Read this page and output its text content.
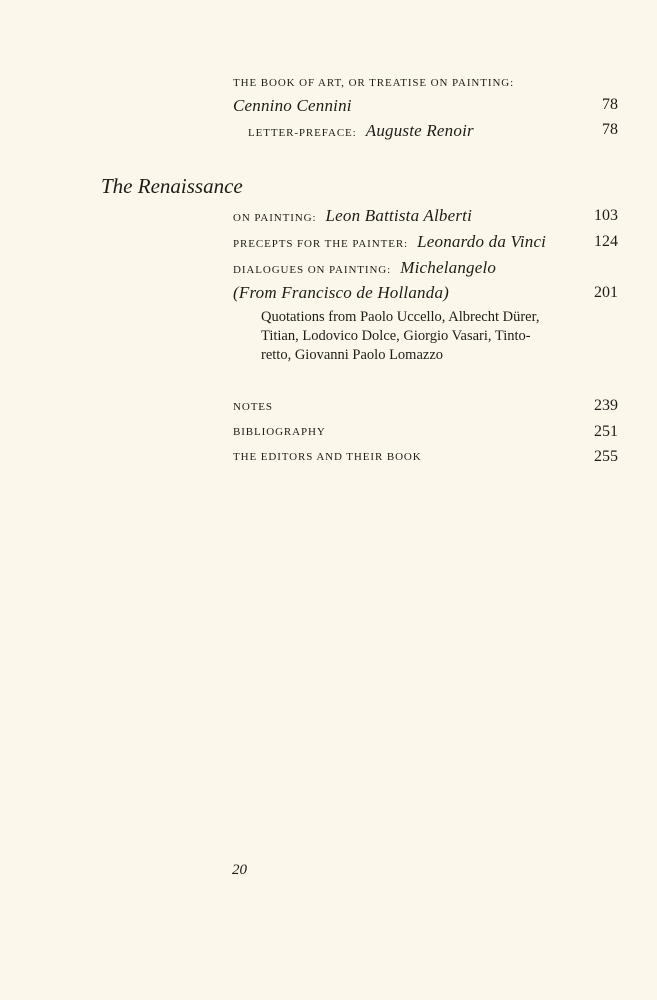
THE BOOK OF ART, OR TREATISE ON PAINTING:
Cennino Cennini	78
LETTER-PREFACE: Auguste Renoir	78
The Renaissance
ON PAINTING: Leon Battista Alberti	103
PRECEPTS FOR THE PAINTER: Leonardo da Vinci	124
DIALOGUES ON PAINTING: Michelangelo
(From Francisco de Hollanda)	201
Quotations from Paolo Uccello, Albrecht Dürer,
Titian, Lodovico Dolce, Giorgio Vasari, Tinto-
retto, Giovanni Paolo Lomazzo
NOTES	239
BIBLIOGRAPHY	251
THE EDITORS AND THEIR BOOK	255
20
